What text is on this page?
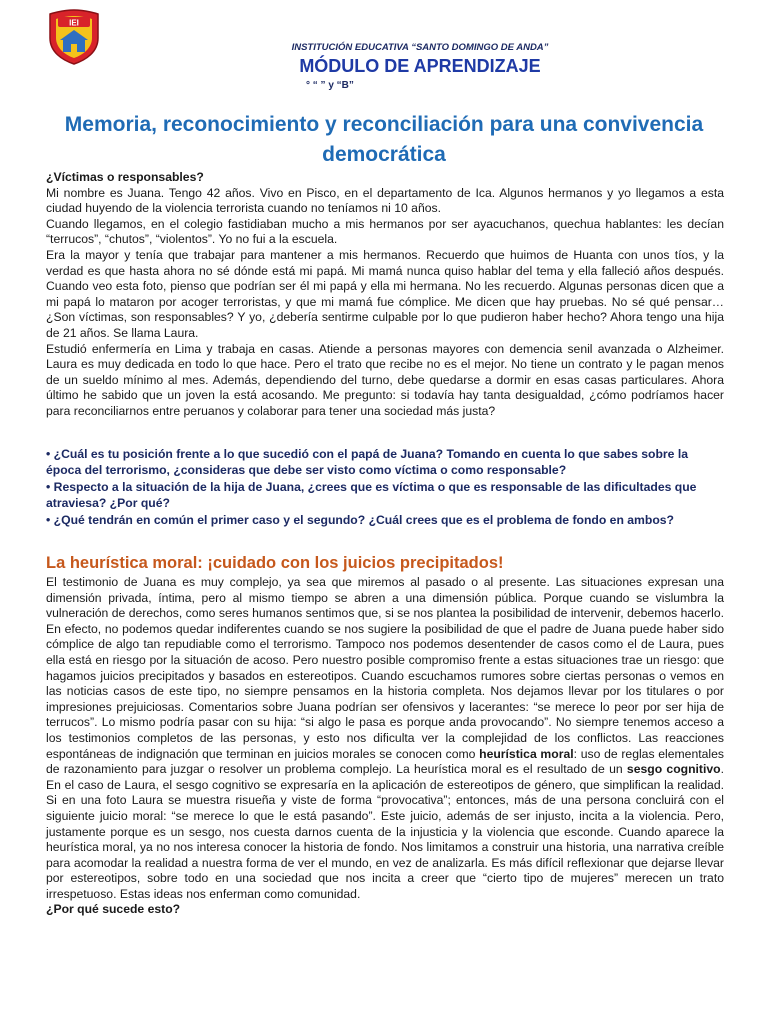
IEI
INSTITUCIÓN EDUCATIVA “SANTO DOMINGO DE ANDA”
MÓDULO DE APRENDIZAJE
° “ ” y “B”
Memoria, reconocimiento y reconciliación para una convivencia democrática

¿Víctimas o responsables?

Mi nombre es Juana. Tengo 42 años. Vivo en Pisco, en el departamento de Ica. Algunos hermanos y yo llegamos a esta ciudad huyendo de la violencia terrorista cuando no teníamos ni 10 años.

Cuando llegamos, en el colegio fastidiaban mucho a mis hermanos por ser ayacuchanos, quechua hablantes: les decían “terrucos”, “chutos”, “violentos”. Yo no fui a la escuela.

Era la mayor y tenía que trabajar para mantener a mis hermanos. Recuerdo que huimos de Huanta con unos tíos, y la verdad es que hasta ahora no sé dónde está mi papá. Mi mamá nunca quiso hablar del tema y ella falleció años después. Cuando veo esta foto, pienso que podrían ser él mi papá y ella mi hermana. No les recuerdo. Algunas personas dicen que a mi papá lo mataron por acoger terroristas, y que mi mamá fue cómplice. Me dicen que hay pruebas. No sé qué pensar… ¿Son víctimas, son responsables? Y yo, ¿debería sentirme culpable por lo que pudieron haber hecho? Ahora tengo una hija de 21 años. Se llama Laura.

Estudió enfermería en Lima y trabaja en casas. Atiende a personas mayores con demencia senil avanzada o Alzheimer. Laura es muy dedicada en todo lo que hace. Pero el trato que recibe no es el mejor. No tiene un contrato y le pagan menos de un sueldo mínimo al mes. Además, dependiendo del turno, debe quedarse a dormir en esas casas particulares. Ahora último he sabido que un joven la está acosando. Me pregunto: si todavía hay tanta desigualdad, ¿cómo podríamos hacer para reconciliarnos entre peruanos y colaborar para tener una sociedad más justa?

• ¿Cuál es tu posición frente a lo que sucedió con el papá de Juana? Tomando en cuenta lo que sabes sobre la época del terrorismo, ¿consideras que debe ser visto como víctima o como responsable?

• Respecto a la situación de la hija de Juana, ¿crees que es víctima o que es responsable de las dificultades que atraviesa? ¿Por qué?

• ¿Qué tendrán en común el primer caso y el segundo? ¿Cuál crees que es el problema de fondo en ambos?

La heurística moral: ¡cuidado con los juicios precipitados!

El testimonio de Juana es muy complejo, ya sea que miremos al pasado o al presente. Las situaciones expresan una dimensión privada, íntima, pero al mismo tiempo se abren a una dimensión pública. Porque cuando se vislumbra la vulneración de derechos, como seres humanos sentimos que, si se nos plantea la posibilidad de intervenir, debemos hacerlo. En efecto, no podemos quedar indiferentes cuando se nos sugiere la posibilidad de que el padre de Juana puede haber sido cómplice de algo tan repudiable como el terrorismo. Tampoco nos podemos desentender de casos como el de Laura, pues ella está en riesgo por la situación de acoso. Pero nuestro posible compromiso frente a estas situaciones trae un riesgo: que hagamos juicios precipitados y basados en estereotipos. Cuando escuchamos rumores sobre ciertas personas o vemos en las noticias casos de este tipo, no siempre pensamos en la historia completa. Nos dejamos llevar por los titulares o por impresiones prejuiciosas. Comentarios sobre Juana podrían ser ofensivos y lacerantes: “se merece lo peor por ser hija de terrucos”. Lo mismo podría pasar con su hija: “si algo le pasa es porque anda provocando”. No siempre tenemos acceso a los testimonios completos de las personas, y esto nos dificulta ver la complejidad de los conflictos. Las reacciones espontáneas de indignación que terminan en juicios morales se conocen como heurística moral: uso de reglas elementales de razonamiento para juzgar o resolver un problema complejo. La heurística moral es el resultado de un sesgo cognitivo. En el caso de Laura, el sesgo cognitivo se expresaría en la aplicación de estereotipos de género, que simplifican la realidad. Si en una foto Laura se muestra risueña y viste de forma “provocativa”; entonces, más de una persona concluirá con el siguiente juicio moral: “se merece lo que le está pasando”. Este juicio, además de ser injusto, incita a la violencia. Pero, justamente porque es un sesgo, nos cuesta darnos cuenta de la injusticia y la violencia que esconde. Cuando aparece la heurística moral, ya no nos interesa conocer la historia de fondo. Nos limitamos a construir una historia, una narrativa creíble para acomodar la realidad a nuestra forma de ver el mundo, en vez de analizarla. Es más difícil reflexionar que dejarse llevar por estereotipos, sobre todo en una sociedad que nos incita a creer que “cierto tipo de mujeres” merecen un trato irrespetuoso. Estas ideas nos enferman como comunidad.

¿Por qué sucede esto?
